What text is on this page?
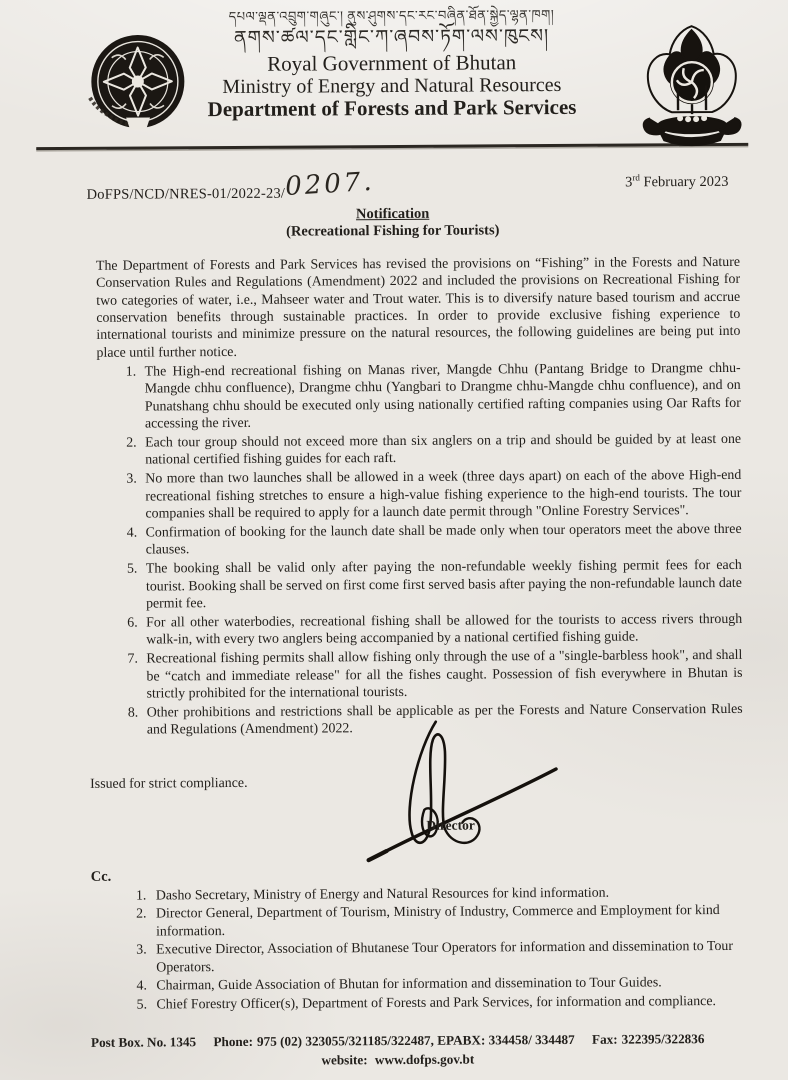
དཔལ་ལྡན་འབྲུག་གཞུང་། ནུས་ཤུགས་དང་རང་བཞིན་ཐོན་སྐྱེད་ལྷན་ཁག།
ནགས་ཚལ་དང་གླིང་ཀ་ཞབས་ཏོག་ལས་ཁུངས།
Royal Government of Bhutan
Ministry of Energy and Natural Resources
Department of Forests and Park Services
DoFPS/NCD/NRES-01/2022-23/0207.	3rd February 2023
Notification
(Recreational Fishing for Tourists)

The Department of Forests and Park Services has revised the provisions on “Fishing” in the Forests and Nature Conservation Rules and Regulations (Amendment) 2022 and included the provisions on Recreational Fishing for two categories of water, i.e., Mahseer water and Trout water. This is to diversify nature based tourism and accrue conservation benefits through sustainable practices. In order to provide exclusive fishing experience to international tourists and minimize pressure on the natural resources, the following guidelines are being put into place until further notice.

1. The High-end recreational fishing on Manas river, Mangde Chhu (Pantang Bridge to Drangme chhu-Mangde chhu confluence), Drangme chhu (Yangbari to Drangme chhu-Mangde chhu confluence), and on Punatshang chhu should be executed only using nationally certified rafting companies using Oar Rafts for accessing the river.
2. Each tour group should not exceed more than six anglers on a trip and should be guided by at least one national certified fishing guides for each raft.
3. No more than two launches shall be allowed in a week (three days apart) on each of the above High-end recreational fishing stretches to ensure a high-value fishing experience to the high-end tourists. The tour companies shall be required to apply for a launch date permit through "Online Forestry Services".
4. Confirmation of booking for the launch date shall be made only when tour operators meet the above three clauses.
5. The booking shall be valid only after paying the non-refundable weekly fishing permit fees for each tourist. Booking shall be served on first come first served basis after paying the non-refundable launch date permit fee.
6. For all other waterbodies, recreational fishing shall be allowed for the tourists to access rivers through walk-in, with every two anglers being accompanied by a national certified fishing guide.
7. Recreational fishing permits shall allow fishing only through the use of a "single-barbless hook", and shall be “catch and immediate release" for all the fishes caught. Possession of fish everywhere in Bhutan is strictly prohibited for the international tourists.
8. Other prohibitions and restrictions shall be applicable as per the Forests and Nature Conservation Rules and Regulations (Amendment) 2022.
Issued for strict compliance.
Director
Cc.
1. Dasho Secretary, Ministry of Energy and Natural Resources for kind information.
2. Director General, Department of Tourism, Ministry of Industry, Commerce and Employment for kind information.
3. Executive Director, Association of Bhutanese Tour Operators for information and dissemination to Tour Operators.
4. Chairman, Guide Association of Bhutan for information and dissemination to Tour Guides.
5. Chief Forestry Officer(s), Department of Forests and Park Services, for information and compliance.
Post Box. No. 1345 Phone: 975 (02) 323055/321185/322487, EPABX: 334458/ 334487 Fax: 322395/322836
website: www.dofps.gov.bt
